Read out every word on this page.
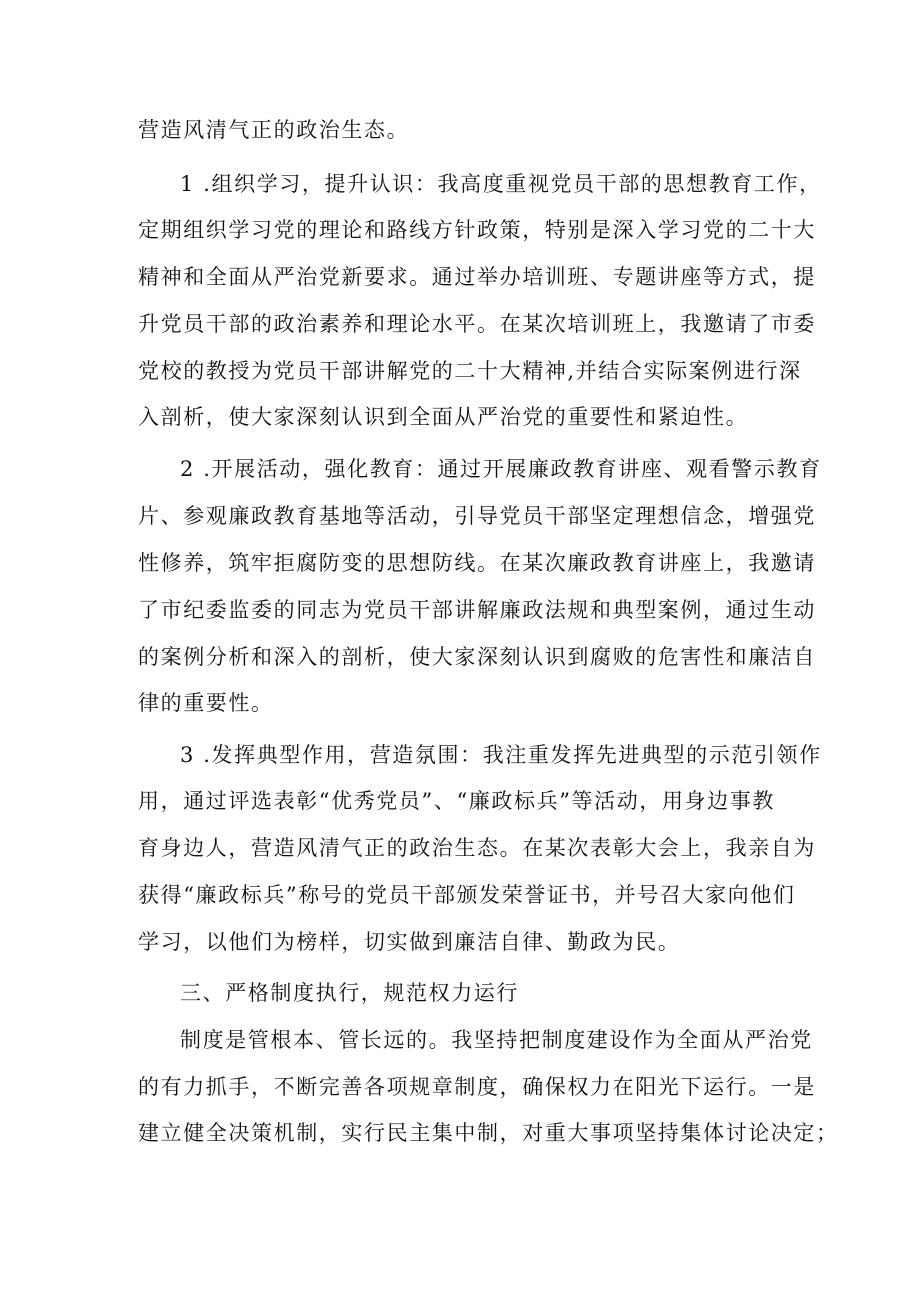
营造风清气正的政治生态。
1 .组织学习，提升认识：我高度重视党员干部的思想教育工作，
定期组织学习党的理论和路线方针政策，特别是深入学习党的二十大
精神和全面从严治党新要求。通过举办培训班、专题讲座等方式，提
升党员干部的政治素养和理论水平。在某次培训班上，我邀请了市委
党校的教授为党员干部讲解党的二十大精神,并结合实际案例进行深
入剖析，使大家深刻认识到全面从严治党的重要性和紧迫性。
2 .开展活动，强化教育：通过开展廉政教育讲座、观看警示教育
片、参观廉政教育基地等活动，引导党员干部坚定理想信念，增强党
性修养，筑牢拒腐防变的思想防线。在某次廉政教育讲座上，我邀请
了市纪委监委的同志为党员干部讲解廉政法规和典型案例，通过生动
的案例分析和深入的剖析，使大家深刻认识到腐败的危害性和廉洁自
律的重要性。
3 .发挥典型作用，营造氛围：我注重发挥先进典型的示范引领作
用，通过评选表彰“优秀党员”、“廉政标兵”等活动，用身边事教
育身边人，营造风清气正的政治生态。在某次表彰大会上，我亲自为
获得“廉政标兵”称号的党员干部颁发荣誉证书，并号召大家向他们
学习，以他们为榜样，切实做到廉洁自律、勤政为民。
三、严格制度执行，规范权力运行
制度是管根本、管长远的。我坚持把制度建设作为全面从严治党
的有力抓手，不断完善各项规章制度，确保权力在阳光下运行。一是
建立健全决策机制，实行民主集中制，对重大事项坚持集体讨论决定；
